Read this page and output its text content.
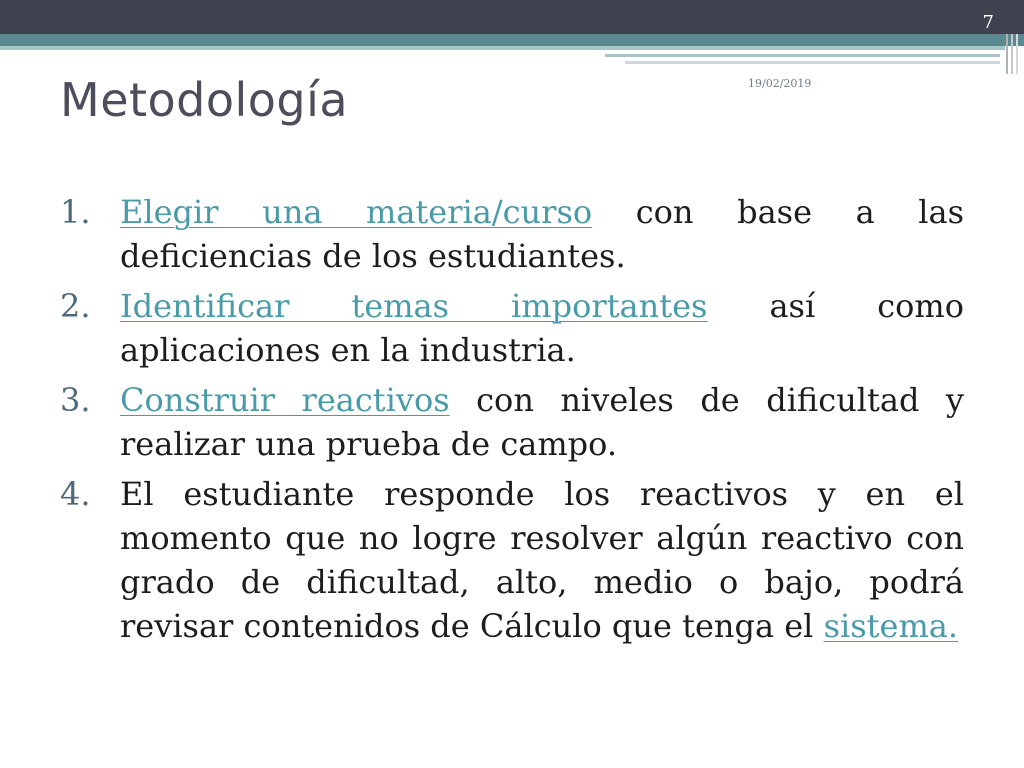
7
19/02/2019
Metodología
1. Elegir una materia/curso con base a las deficiencias de los estudiantes.
2. Identificar temas importantes así como aplicaciones en la industria.
3. Construir reactivos con niveles de dificultad y realizar una prueba de campo.
4. El estudiante responde los reactivos y en el momento que no logre resolver algún reactivo con grado de dificultad, alto, medio o bajo, podrá revisar contenidos de Cálculo que tenga el sistema.
